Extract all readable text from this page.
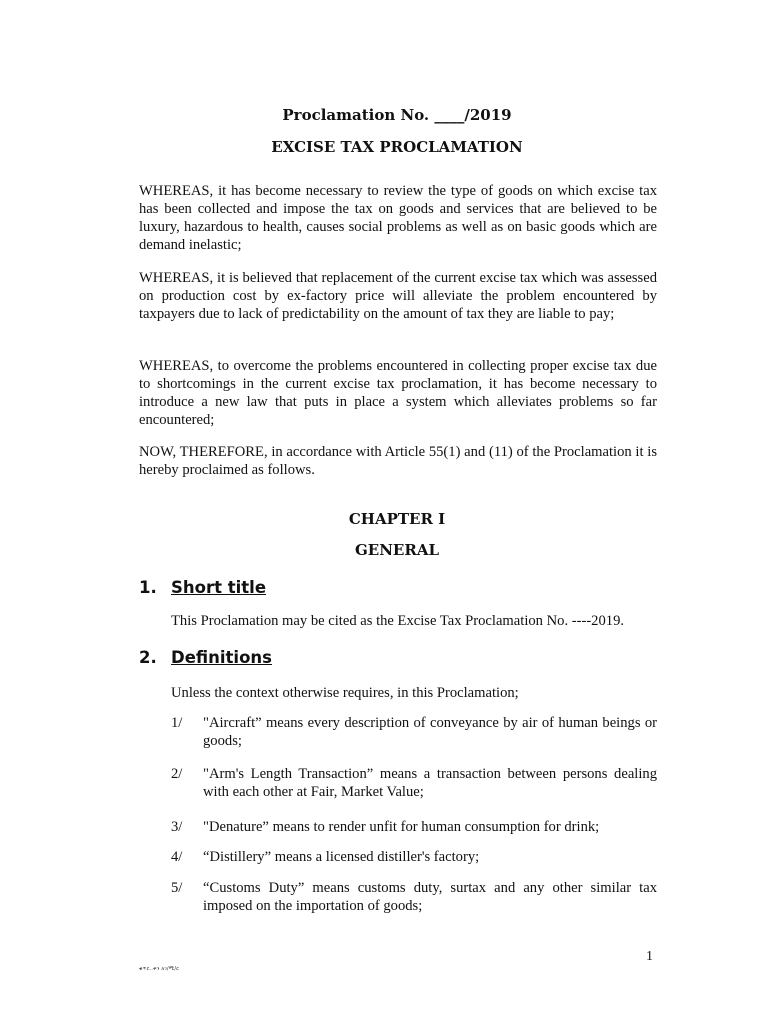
Proclamation No. ____/2019

EXCISE TAX PROCLAMATION

WHEREAS, it has become necessary to review the type of goods on which excise tax has been collected and impose the tax on goods and services that are believed to be luxury, hazardous to health, causes social problems as well as on basic goods which are demand inelastic;

WHEREAS, it is believed that replacement of the current excise tax which was assessed on production cost by ex-factory price will alleviate the problem encountered by taxpayers due to lack of predictability on the amount of tax they are liable to pay;

WHEREAS, to overcome the problems encountered in collecting proper excise tax due to shortcomings in the current excise tax proclamation, it has become necessary to introduce a new law that puts in place a system which alleviates problems so far encountered;

NOW, THEREFORE, in accordance with Article 55(1) and (11) of the Proclamation it is hereby proclaimed as follows.

CHAPTER I

GENERAL

1. Short title

This Proclamation may be cited as the Excise Tax Proclamation No. ----2019.

2. Definitions

Unless the context otherwise requires, in this Proclamation;

1/	"Aircraft” means every description of conveyance by air of human beings or goods;
2/	"Arm's Length Transaction” means a transaction between persons dealing with each other at Fair, Market Value;
3/	"Denature” means to render unfit for human consumption for drink;
4/	“Distillery” means a licensed distiller's factory;
5/	“Customs Duty” means customs duty, surtax and any other similar tax imposed on the importation of goods;

1

ቁጥር..ቀን ለገ/ሚ/ር
